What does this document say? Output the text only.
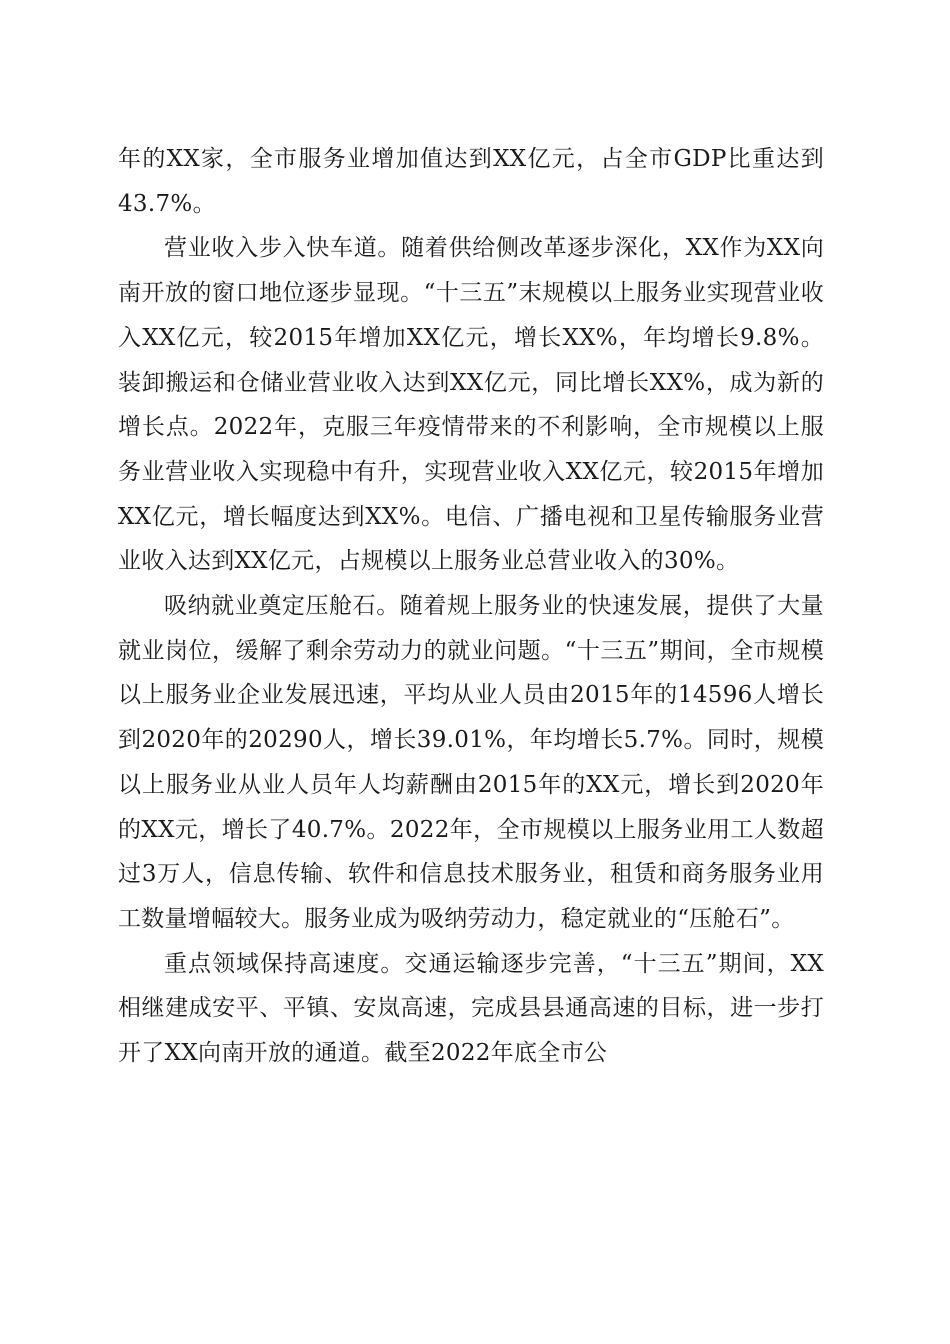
年的XX家，全市服务业增加值达到XX亿元，占全市GDP比重达到43.7%。

营业收入步入快车道。随着供给侧改革逐步深化，XX作为XX向南开放的窗口地位逐步显现。“十三五”末规模以上服务业实现营业收入XX亿元，较2015年增加XX亿元，增长XX%，年均增长9.8%。装卸搬运和仓储业营业收入达到XX亿元，同比增长XX%，成为新的增长点。2022年，克服三年疫情带来的不利影响，全市规模以上服务业营业收入实现稳中有升，实现营业收入XX亿元，较2015年增加XX亿元，增长幅度达到XX%。电信、广播电视和卫星传输服务业营业收入达到XX亿元，占规模以上服务业总营业收入的30%。

吸纳就业奠定压舱石。随着规上服务业的快速发展，提供了大量就业岗位，缓解了剩余劳动力的就业问题。“十三五”期间，全市规模以上服务业企业发展迅速，平均从业人员由2015年的14596人增长到2020年的20290人，增长39.01%，年均增长5.7%。同时，规模以上服务业从业人员年人均薪酬由2015年的XX元，增长到2020年的XX元，增长了40.7%。2022年，全市规模以上服务业用工人数超过3万人，信息传输、软件和信息技术服务业，租赁和商务服务业用工数量增幅较大。服务业成为吸纳劳动力，稳定就业的“压舱石”。

重点领域保持高速度。交通运输逐步完善，“十三五”期间，XX相继建成安平、平镇、安岚高速，完成县县通高速的目标，进一步打开了XX向南开放的通道。截至2022年底全市公
